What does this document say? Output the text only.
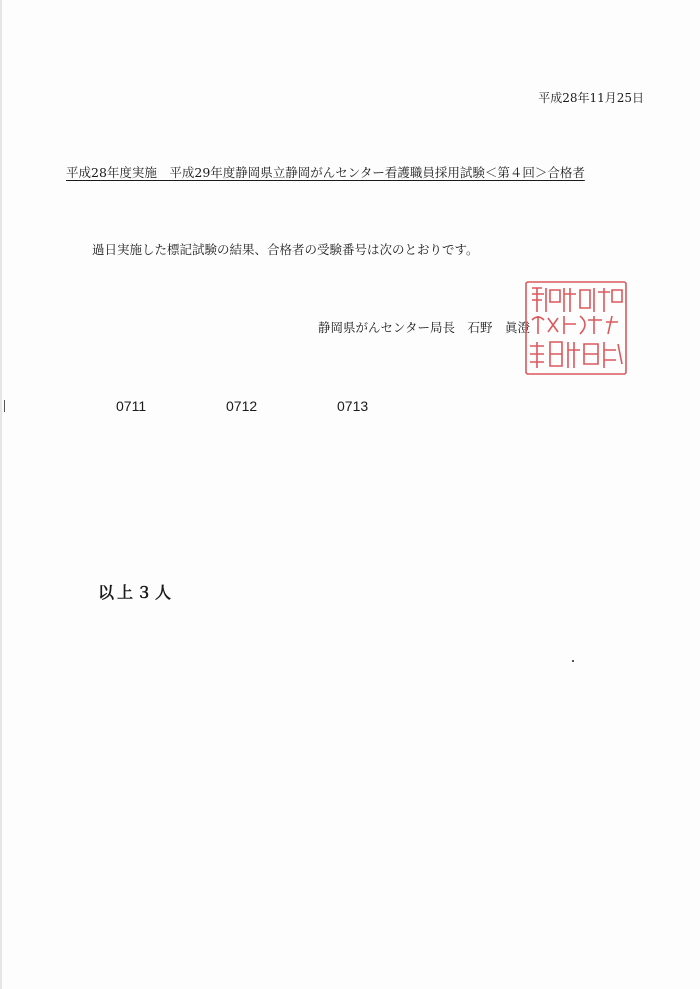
平成28年11月25日
平成28年度実施　平成29年度静岡県立静岡がんセンター看護職員採用試験＜第４回＞合格者
過日実施した標記試験の結果、合格者の受験番号は次のとおりです。
静岡県がんセンター局長　石野　眞澄
0711	0712	0713
以上３人
